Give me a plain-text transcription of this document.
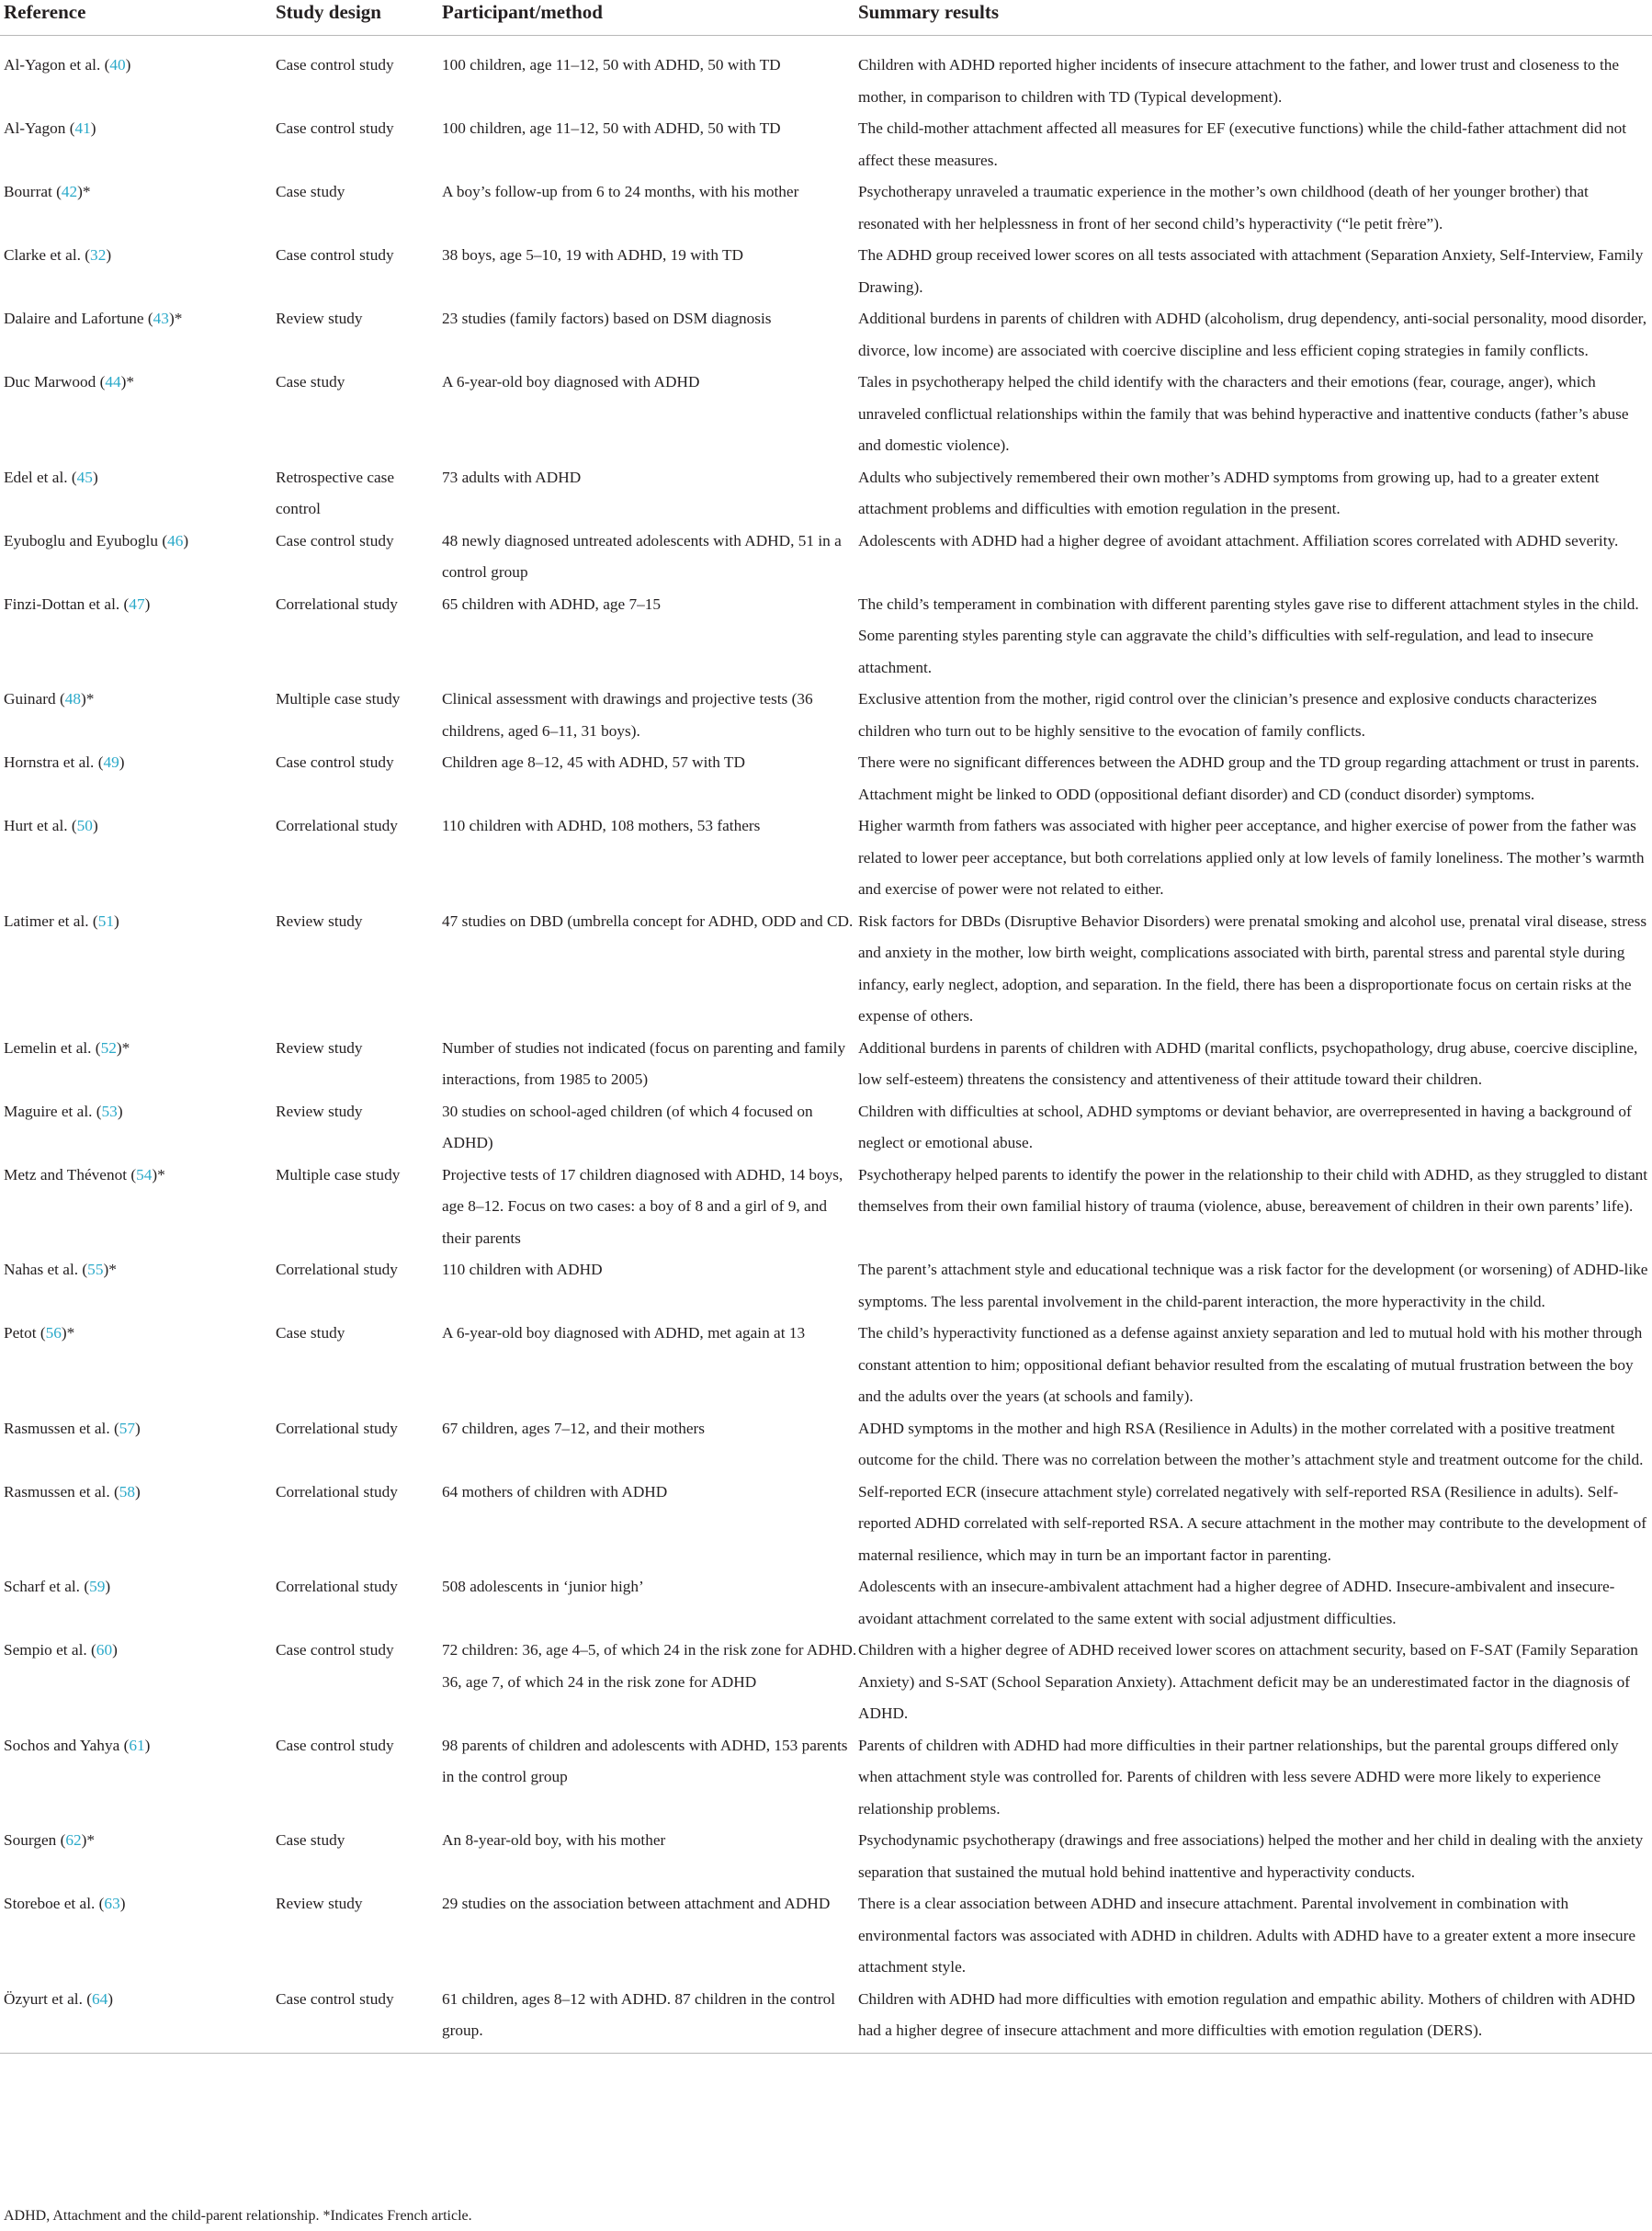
Reference	Study design	Participant/method	Summary results
Al-Yagon et al. (40)	Case control study	100 children, age 11–12, 50 with ADHD, 50 with TD	Children with ADHD reported higher incidents of insecure attachment to the father, and lower trust and closeness to the mother, in comparison to children with TD (Typical development).
Al-Yagon (41)	Case control study	100 children, age 11–12, 50 with ADHD, 50 with TD	The child-mother attachment affected all measures for EF (executive functions) while the child-father attachment did not affect these measures.
Bourrat (42)*	Case study	A boy’s follow-up from 6 to 24 months, with his mother	Psychotherapy unraveled a traumatic experience in the mother’s own childhood (death of her younger brother) that resonated with her helplessness in front of her second child’s hyperactivity (“le petit frère”).
Clarke et al. (32)	Case control study	38 boys, age 5–10, 19 with ADHD, 19 with TD	The ADHD group received lower scores on all tests associated with attachment (Separation Anxiety, Self-Interview, Family Drawing).
Dalaire and Lafortune (43)*	Review study	23 studies (family factors) based on DSM diagnosis	Additional burdens in parents of children with ADHD (alcoholism, drug dependency, anti-social personality, mood disorder, divorce, low income) are associated with coercive discipline and less efficient coping strategies in family conflicts.
Duc Marwood (44)*	Case study	A 6-year-old boy diagnosed with ADHD	Tales in psychotherapy helped the child identify with the characters and their emotions (fear, courage, anger), which unraveled conflictual relationships within the family that was behind hyperactive and inattentive conducts (father’s abuse and domestic violence).
Edel et al. (45)	Retrospective case control	73 adults with ADHD	Adults who subjectively remembered their own mother’s ADHD symptoms from growing up, had to a greater extent attachment problems and difficulties with emotion regulation in the present.
Eyuboglu and Eyuboglu (46)	Case control study	48 newly diagnosed untreated adolescents with ADHD, 51 in a control group	Adolescents with ADHD had a higher degree of avoidant attachment. Affiliation scores correlated with ADHD severity.
Finzi-Dottan et al. (47)	Correlational study	65 children with ADHD, age 7–15	The child’s temperament in combination with different parenting styles gave rise to different attachment styles in the child. Some parenting styles parenting style can aggravate the child’s difficulties with self-regulation, and lead to insecure attachment.
Guinard (48)*	Multiple case study	Clinical assessment with drawings and projective tests (36 childrens, aged 6–11, 31 boys).	Exclusive attention from the mother, rigid control over the clinician’s presence and explosive conducts characterizes children who turn out to be highly sensitive to the evocation of family conflicts.
Hornstra et al. (49)	Case control study	Children age 8–12, 45 with ADHD, 57 with TD	There were no significant differences between the ADHD group and the TD group regarding attachment or trust in parents. Attachment might be linked to ODD (oppositional defiant disorder) and CD (conduct disorder) symptoms.
Hurt et al. (50)	Correlational study	110 children with ADHD, 108 mothers, 53 fathers	Higher warmth from fathers was associated with higher peer acceptance, and higher exercise of power from the father was related to lower peer acceptance, but both correlations applied only at low levels of family loneliness. The mother’s warmth and exercise of power were not related to either.
Latimer et al. (51)	Review study	47 studies on DBD (umbrella concept for ADHD, ODD and CD.	Risk factors for DBDs (Disruptive Behavior Disorders) were prenatal smoking and alcohol use, prenatal viral disease, stress and anxiety in the mother, low birth weight, complications associated with birth, parental stress and parental style during infancy, early neglect, adoption, and separation. In the field, there has been a disproportionate focus on certain risks at the expense of others.
Lemelin et al. (52)*	Review study	Number of studies not indicated (focus on parenting and family interactions, from 1985 to 2005)	Additional burdens in parents of children with ADHD (marital conflicts, psychopathology, drug abuse, coercive discipline, low self-esteem) threatens the consistency and attentiveness of their attitude toward their children.
Maguire et al. (53)	Review study	30 studies on school-aged children (of which 4 focused on ADHD)	Children with difficulties at school, ADHD symptoms or deviant behavior, are overrepresented in having a background of neglect or emotional abuse.
Metz and Thévenot (54)*	Multiple case study	Projective tests of 17 children diagnosed with ADHD, 14 boys, age 8–12. Focus on two cases: a boy of 8 and a girl of 9, and their parents	Psychotherapy helped parents to identify the power in the relationship to their child with ADHD, as they struggled to distant themselves from their own familial history of trauma (violence, abuse, bereavement of children in their own parents’ life).
Nahas et al. (55)*	Correlational study	110 children with ADHD	The parent’s attachment style and educational technique was a risk factor for the development (or worsening) of ADHD-like symptoms. The less parental involvement in the child-parent interaction, the more hyperactivity in the child.
Petot (56)*	Case study	A 6-year-old boy diagnosed with ADHD, met again at 13	The child’s hyperactivity functioned as a defense against anxiety separation and led to mutual hold with his mother through constant attention to him; oppositional defiant behavior resulted from the escalating of mutual frustration between the boy and the adults over the years (at schools and family).
Rasmussen et al. (57)	Correlational study	67 children, ages 7–12, and their mothers	ADHD symptoms in the mother and high RSA (Resilience in Adults) in the mother correlated with a positive treatment outcome for the child. There was no correlation between the mother’s attachment style and treatment outcome for the child.
Rasmussen et al. (58)	Correlational study	64 mothers of children with ADHD	Self-reported ECR (insecure attachment style) correlated negatively with self-reported RSA (Resilience in adults). Self-reported ADHD correlated with self-reported RSA. A secure attachment in the mother may contribute to the development of maternal resilience, which may in turn be an important factor in parenting.
Scharf et al. (59)	Correlational study	508 adolescents in ‘junior high’	Adolescents with an insecure-ambivalent attachment had a higher degree of ADHD. Insecure-ambivalent and insecure-avoidant attachment correlated to the same extent with social adjustment difficulties.
Sempio et al. (60)	Case control study	72 children: 36, age 4–5, of which 24 in the risk zone for ADHD. 36, age 7, of which 24 in the risk zone for ADHD	Children with a higher degree of ADHD received lower scores on attachment security, based on F-SAT (Family Separation Anxiety) and S-SAT (School Separation Anxiety). Attachment deficit may be an underestimated factor in the diagnosis of ADHD.
Sochos and Yahya (61)	Case control study	98 parents of children and adolescents with ADHD, 153 parents in the control group	Parents of children with ADHD had more difficulties in their partner relationships, but the parental groups differed only when attachment style was controlled for. Parents of children with less severe ADHD were more likely to experience relationship problems.
Sourgen (62)*	Case study	An 8-year-old boy, with his mother	Psychodynamic psychotherapy (drawings and free associations) helped the mother and her child in dealing with the anxiety separation that sustained the mutual hold behind inattentive and hyperactivity conducts.
Storeboe et al. (63)	Review study	29 studies on the association between attachment and ADHD	There is a clear association between ADHD and insecure attachment. Parental involvement in combination with environmental factors was associated with ADHD in children. Adults with ADHD have to a greater extent a more insecure attachment style.
Özyurt et al. (64)	Case control study	61 children, ages 8–12 with ADHD. 87 children in the control group.	Children with ADHD had more difficulties with emotion regulation and empathic ability. Mothers of children with ADHD had a higher degree of insecure attachment and more difficulties with emotion regulation (DERS).
ADHD, Attachment and the child-parent relationship. *Indicates French article.
